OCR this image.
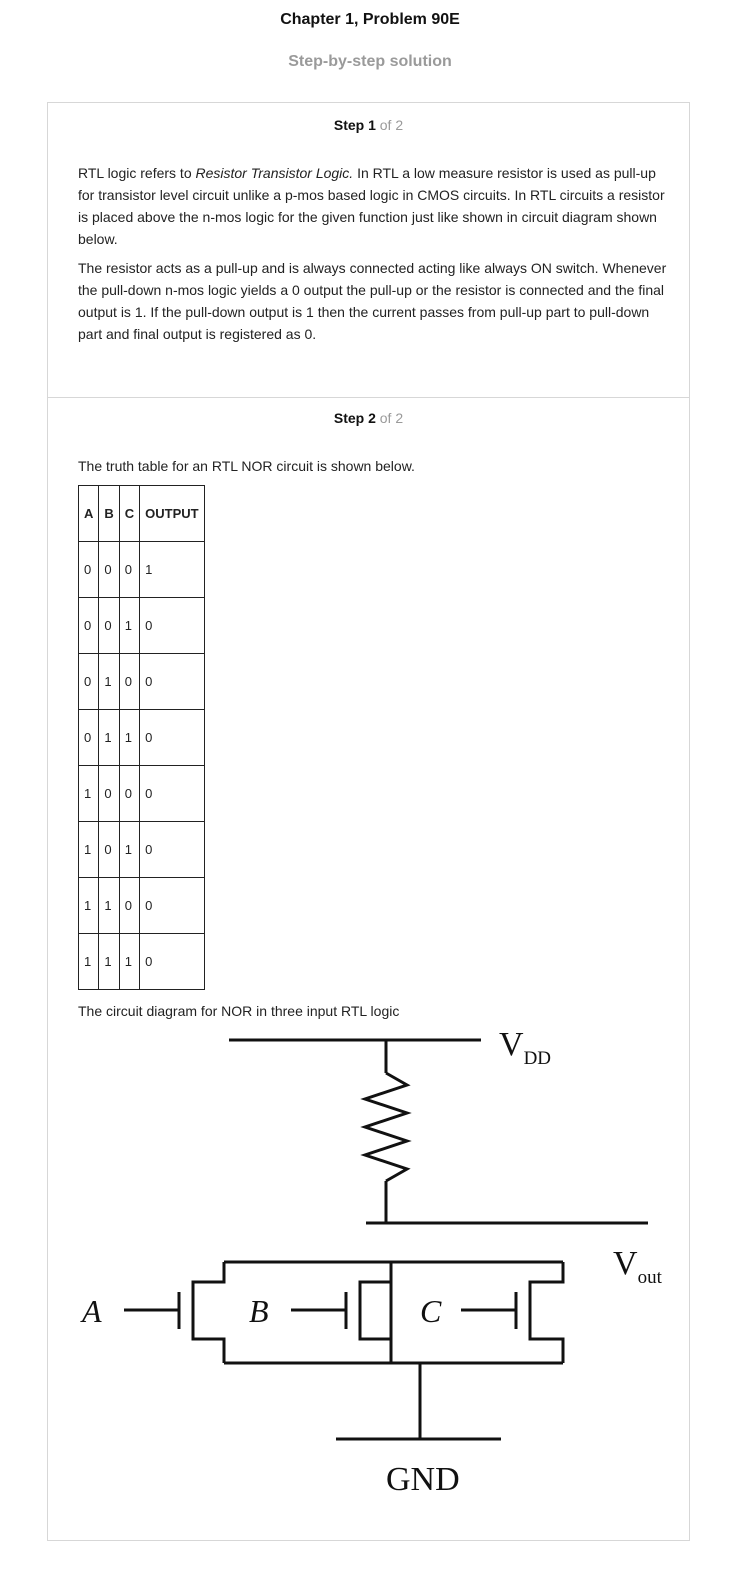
Chapter 1, Problem 90E
Step-by-step solution
Step 1 of 2

RTL logic refers to Resistor Transistor Logic. In RTL a low measure resistor is used as pull-up for transistor level circuit unlike a p-mos based logic in CMOS circuits. In RTL circuits a resistor is placed above the n-mos logic for the given function just like shown in circuit diagram shown below.

The resistor acts as a pull-up and is always connected acting like always ON switch. Whenever the pull-down n-mos logic yields a 0 output the pull-up or the resistor is connected and the final output is 1. If the pull-down output is 1 then the current passes from pull-up part to pull-down part and final output is registered as 0.

Step 2 of 2

The truth table for an RTL NOR circuit is shown below.

A	B	C	OUTPUT
0	0	0	1
0	0	1	0
0	1	0	0
0	1	1	0
1	0	0	0
1	0	1	0
1	1	0	0
1	1	1	0

The circuit diagram for NOR in three input RTL logic

$V_{DD}$
$V_{out}$
A	B	C
GND
